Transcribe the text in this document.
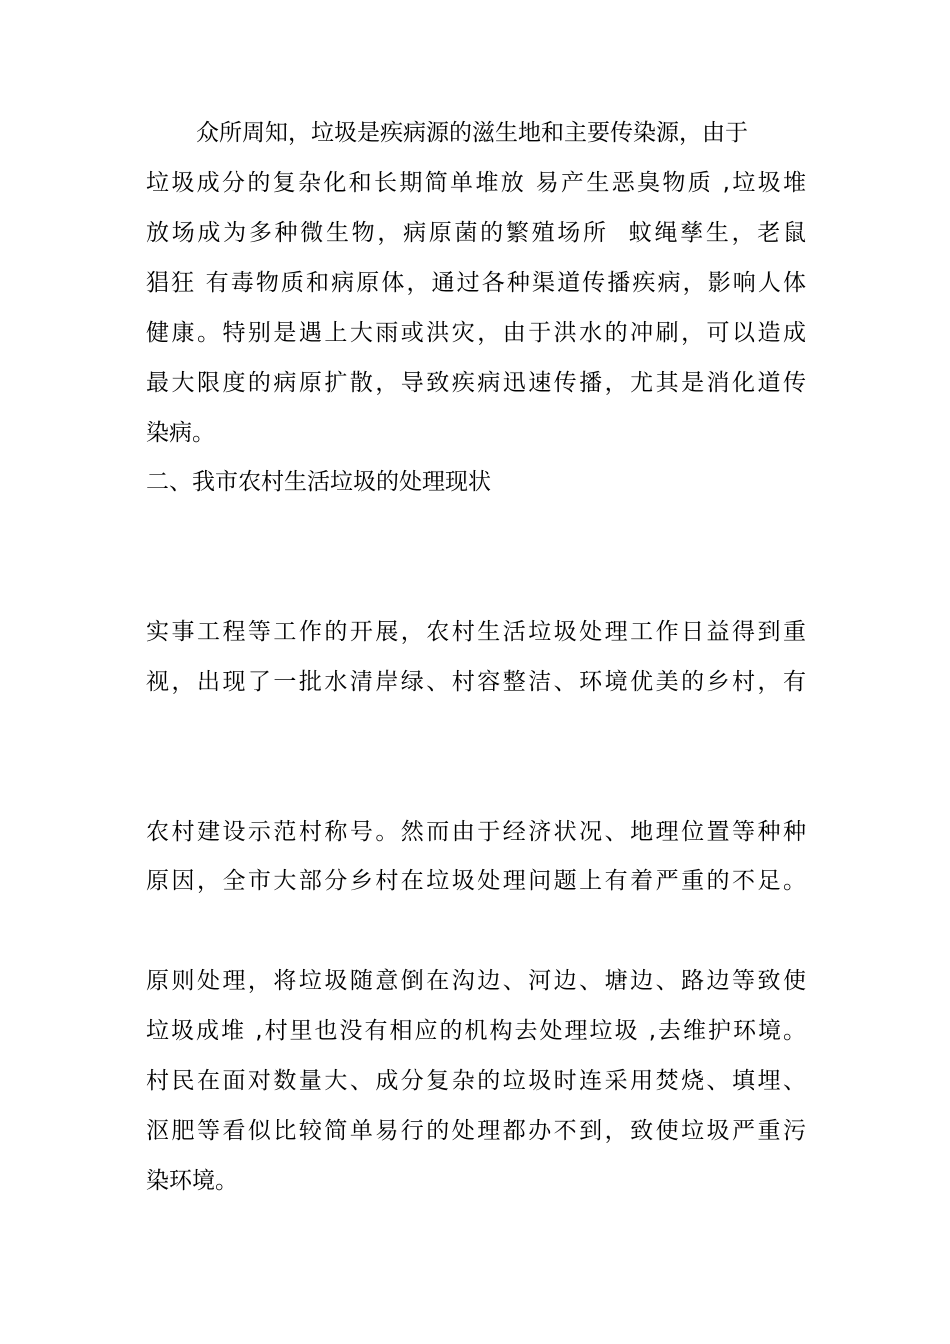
众所周知，垃圾是疾病源的滋生地和主要传染源，由于
垃圾成分的复杂化和长期简单堆放 易产生恶臭物质 ,垃圾堆
放场成为多种微生物，病原菌的繁殖场所  蚊绳孳生，老鼠
猖狂 有毒物质和病原体，通过各种渠道传播疾病，影响人体
健康。特别是遇上大雨或洪灾，由于洪水的冲刷，可以造成
最大限度的病原扩散，导致疾病迅速传播，尤其是消化道传
染病。
二、我市农村生活垃圾的处理现状

实事工程等工作的开展，农村生活垃圾处理工作日益得到重
视，出现了一批水清岸绿、村容整洁、环境优美的乡村，有

农村建设示范村称号。然而由于经济状况、地理位置等种种
原因，全市大部分乡村在垃圾处理问题上有着严重的不足。

原则处理，将垃圾随意倒在沟边、河边、塘边、路边等致使
垃圾成堆 ,村里也没有相应的机构去处理垃圾 ,去维护环境。
村民在面对数量大、成分复杂的垃圾时连采用焚烧、填埋、
沤肥等看似比较简单易行的处理都办不到，致使垃圾严重污
染环境。
